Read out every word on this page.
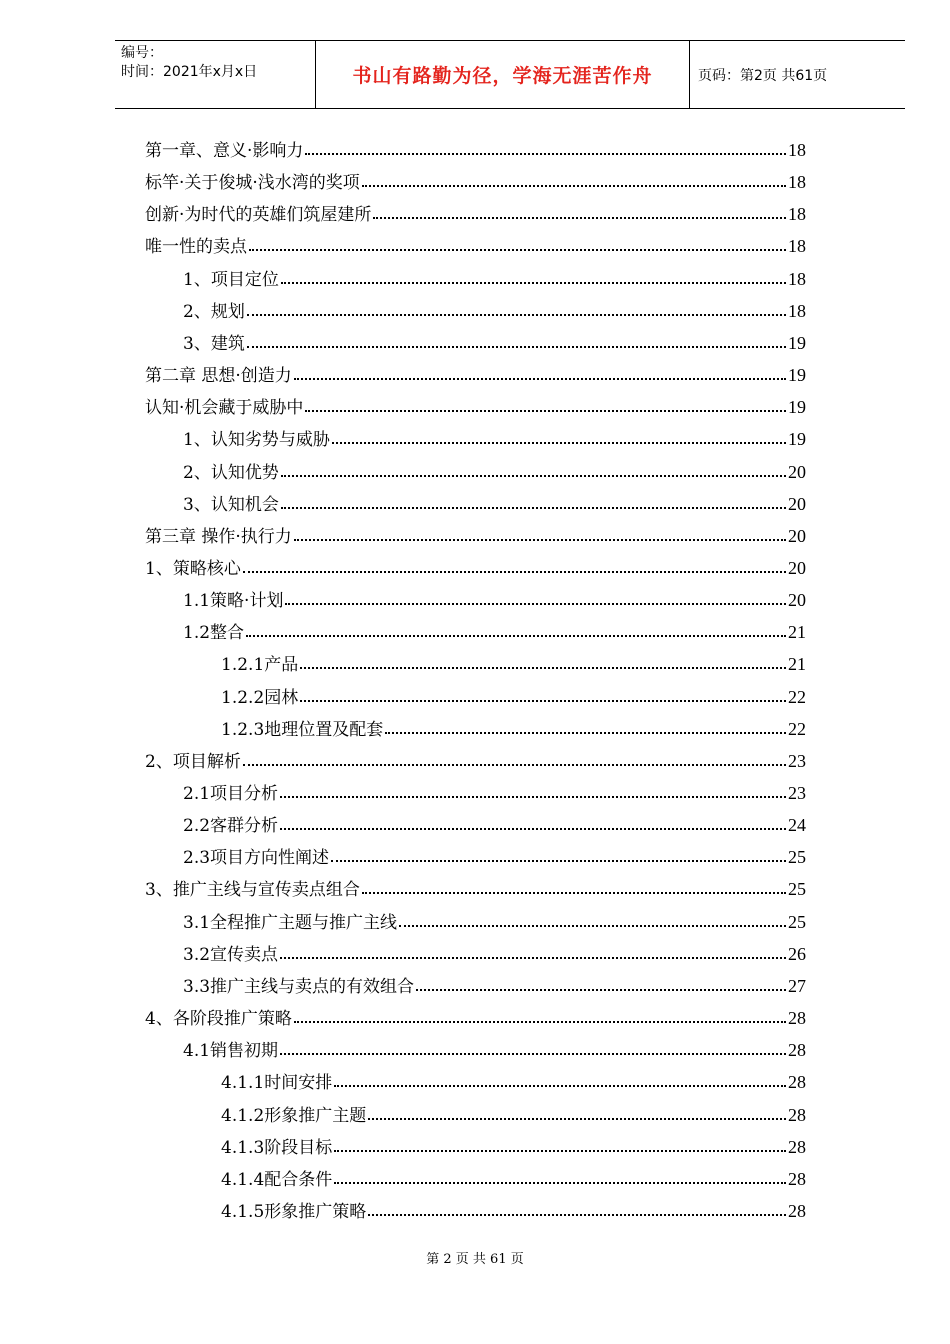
编号：
时间：2021年x月x日	书山有路勤为径，学海无涯苦作舟	页码：第2页 共61页
第一章、意义·影响力	18
标竿·关于俊城·浅水湾的奖项	18
创新·为时代的英雄们筑屋建所	18
唯一性的卖点	18
1、项目定位	18
2、规划	18
3、建筑	19
第二章 思想·创造力	19
认知·机会藏于威胁中	19
1、认知劣势与威胁	19
2、认知优势	20
3、认知机会	20
第三章 操作·执行力	20
1、策略核心	20
1.1策略·计划	20
1.2整合	21
1.2.1产品	21
1.2.2园林	22
1.2.3地理位置及配套	22
2、项目解析	23
2.1项目分析	23
2.2客群分析	24
2.3项目方向性阐述	25
3、推广主线与宣传卖点组合	25
3.1全程推广主题与推广主线	25
3.2宣传卖点	26
3.3推广主线与卖点的有效组合	27
4、各阶段推广策略	28
4.1销售初期	28
4.1.1时间安排	28
4.1.2形象推广主题	28
4.1.3阶段目标	28
4.1.4配合条件	28
4.1.5形象推广策略	28
第 2 页 共 61 页
